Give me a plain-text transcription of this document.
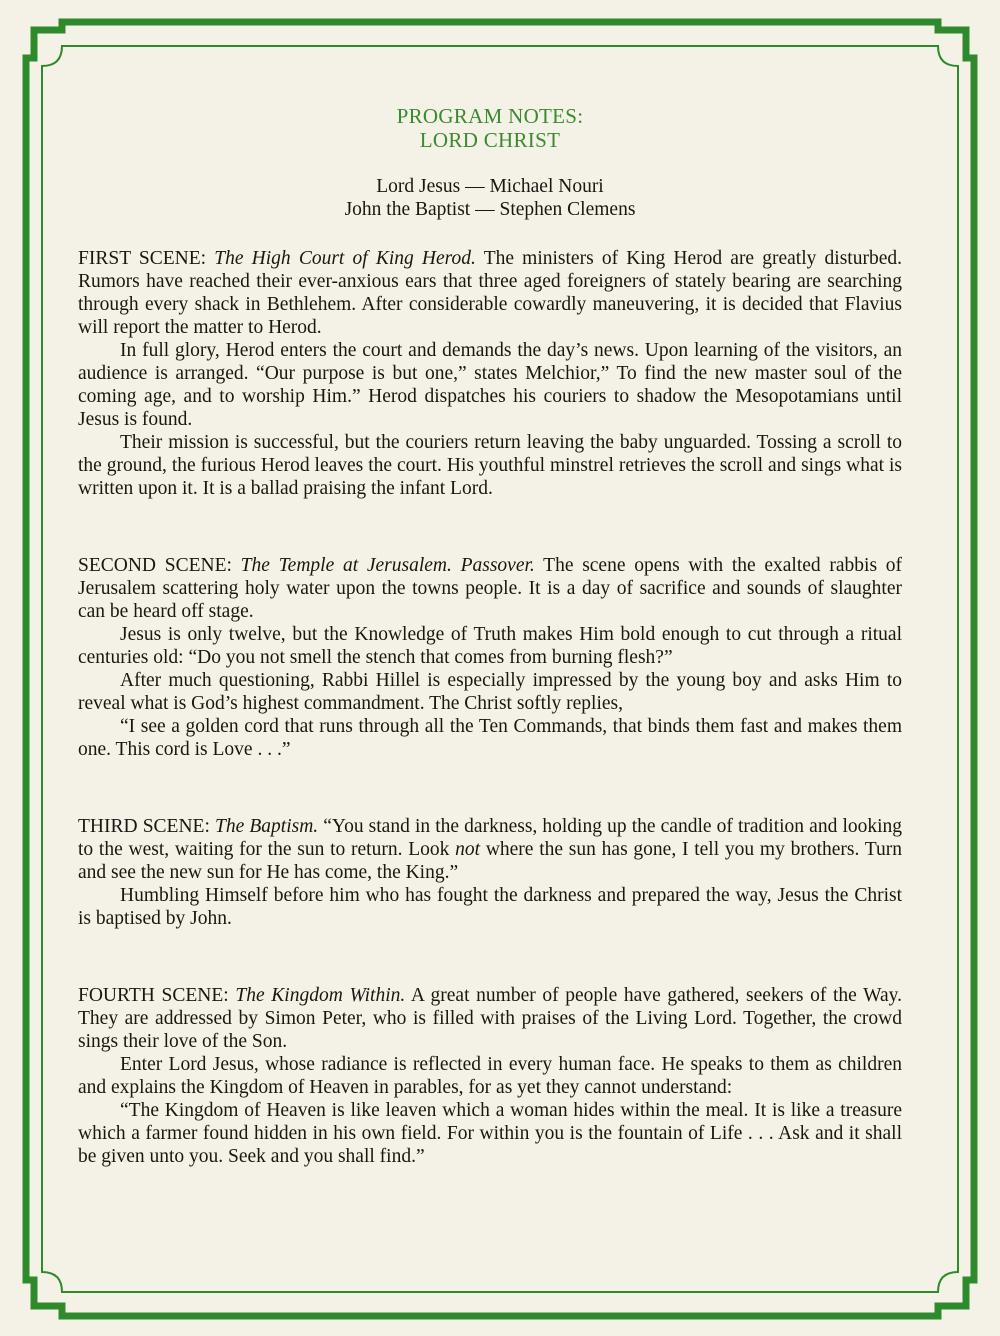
PROGRAM NOTES:
LORD CHRIST
Lord Jesus — Michael Nouri
John the Baptist — Stephen Clemens

FIRST SCENE: The High Court of King Herod. The ministers of King Herod are greatly disturbed. Rumors have reached their ever-anxious ears that three aged foreigners of stately bearing are searching through every shack in Bethlehem. After considerable cowardly maneuvering, it is decided that Flavius will report the matter to Herod.

In full glory, Herod enters the court and demands the day’s news. Upon learning of the visitors, an audience is arranged. “Our purpose is but one,” states Melchior,” To find the new master soul of the coming age, and to worship Him.” Herod dispatches his couriers to shadow the Mesopotamians until Jesus is found.

Their mission is successful, but the couriers return leaving the baby unguarded. Tossing a scroll to the ground, the furious Herod leaves the court. His youthful minstrel retrieves the scroll and sings what is written upon it. It is a ballad praising the infant Lord.

SECOND SCENE: The Temple at Jerusalem. Passover. The scene opens with the exalted rabbis of Jerusalem scattering holy water upon the towns people. It is a day of sacrifice and sounds of slaughter can be heard off stage.

Jesus is only twelve, but the Knowledge of Truth makes Him bold enough to cut through a ritual centuries old: “Do you not smell the stench that comes from burning flesh?”

After much questioning, Rabbi Hillel is especially impressed by the young boy and asks Him to reveal what is God’s highest commandment. The Christ softly replies,

“I see a golden cord that runs through all the Ten Commands, that binds them fast and makes them one. This cord is Love . . .”

THIRD SCENE: The Baptism. “You stand in the darkness, holding up the candle of tradition and looking to the west, waiting for the sun to return. Look not where the sun has gone, I tell you my brothers. Turn and see the new sun for He has come, the King.”

Humbling Himself before him who has fought the darkness and prepared the way, Jesus the Christ is baptised by John.

FOURTH SCENE: The Kingdom Within. A great number of people have gathered, seekers of the Way. They are addressed by Simon Peter, who is filled with praises of the Living Lord. Together, the crowd sings their love of the Son.

Enter Lord Jesus, whose radiance is reflected in every human face. He speaks to them as children and explains the Kingdom of Heaven in parables, for as yet they cannot understand:

“The Kingdom of Heaven is like leaven which a woman hides within the meal. It is like a treasure which a farmer found hidden in his own field. For within you is the fountain of Life . . . Ask and it shall be given unto you. Seek and you shall find.”
